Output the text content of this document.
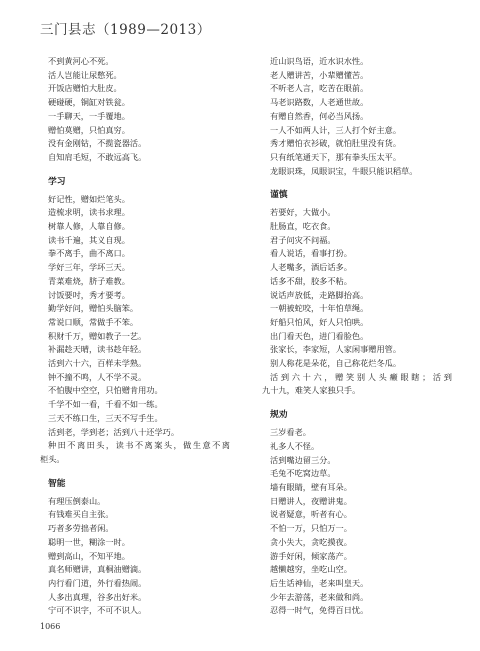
三门县志（1989—2013）
不到黄河心不死。
活人岂能让尿憋死。
开饭店赠怕大肚皮。
硬碰硬，铜缸对铁瓮。
一手聊天，一手覆地。
赠怕莫赠，只怕真穷。
没有金刚钻，不揽瓷器活。
自知肩毛短，不敢远高飞。
学习
好记性，赠如烂笔头。
造梳求明，读书求理。
树靠人修，人靠自修。
读书千遍，其义自现。
拳不离手，曲不离口。
学好三年，学坏三天。
青菜难烧，脐子难教。
讨饭要吋，秀才要考。
勤学好问，赠怕头脑笨。
常说口顺，常做手不笨。
积财千万，赠如教子一艺。
补漏趁天晴，读书趁年轻。
活到六十六，百样未学熟。
钟不撞不鸣，人不学不灵。
不怕腹中空空，只怕赠肯用功。
千学不如一看，千看不如一练。
三天不练口生，三天不写手生。
活到老，学到老；活到八十还学巧。
种田不离田头，读书不离案头，做生意不离
柜头。
智能
有理压倒泰山。
有钱难买自主张。
巧者多劳拙者闲。
聪明一世，糊涂一时。
赠到高山，不知平地。
真名师赠讲，真桐油赠滴。
内行看门道，外行看热闹。
人多出真理，谷多出好米。
宁可不识字，不可不识人。
近山识鸟语，近水识水性。
老人赠讲苦，小辈赠懂苦。
不听老人言，吃苦在眼前。
马老识路数，人老通世故。
有赠自然香，何必当风扬。
一人不如两人计，三人打个好主意。
秀才赠怕衣衫破，就怕肚里没有货。
只有纸笔通天下，那有拳头压太平。
龙眼识珠，凤眼识宝，牛眼只能识稻草。
谨慎
若要好，大做小。
肚肠直，吃衣食。
君子问灾不问福。
看人说话，看事打扮。
人老嘴多，酒后话多。
话多不甜，胶多不粘。
说话声放低，走路脚抬高。
一朝被蛇咬，十年怕草绳。
好船只怕风，好人只怕哄。
出门看天色，进门看脸色。
张家长，李家短，人家闲事赠用管。
别人称花是朵花，自己称花烂冬瓜。
活到六十六，赠笑别人头癞眼瞎；活到
九十九，难笑人家独只手。
规劝
三岁看老。
礼多人不怪。
活到嘴边留三分。
毛兔不吃窝边草。
墙有眼睛，壁有耳朵。
日赠讲人，夜赠讲鬼。
说者疑意，听者有心。
不怕一万，只怕万一。
贪小失大，贪吃摸夜。
游手好闲，倾家荡产。
越懒越穷，坐吃山空。
后生话神仙，老来叫皇天。
少年去游荡，老来做和尚。
忍得一时气，免得百日忧。
1066
